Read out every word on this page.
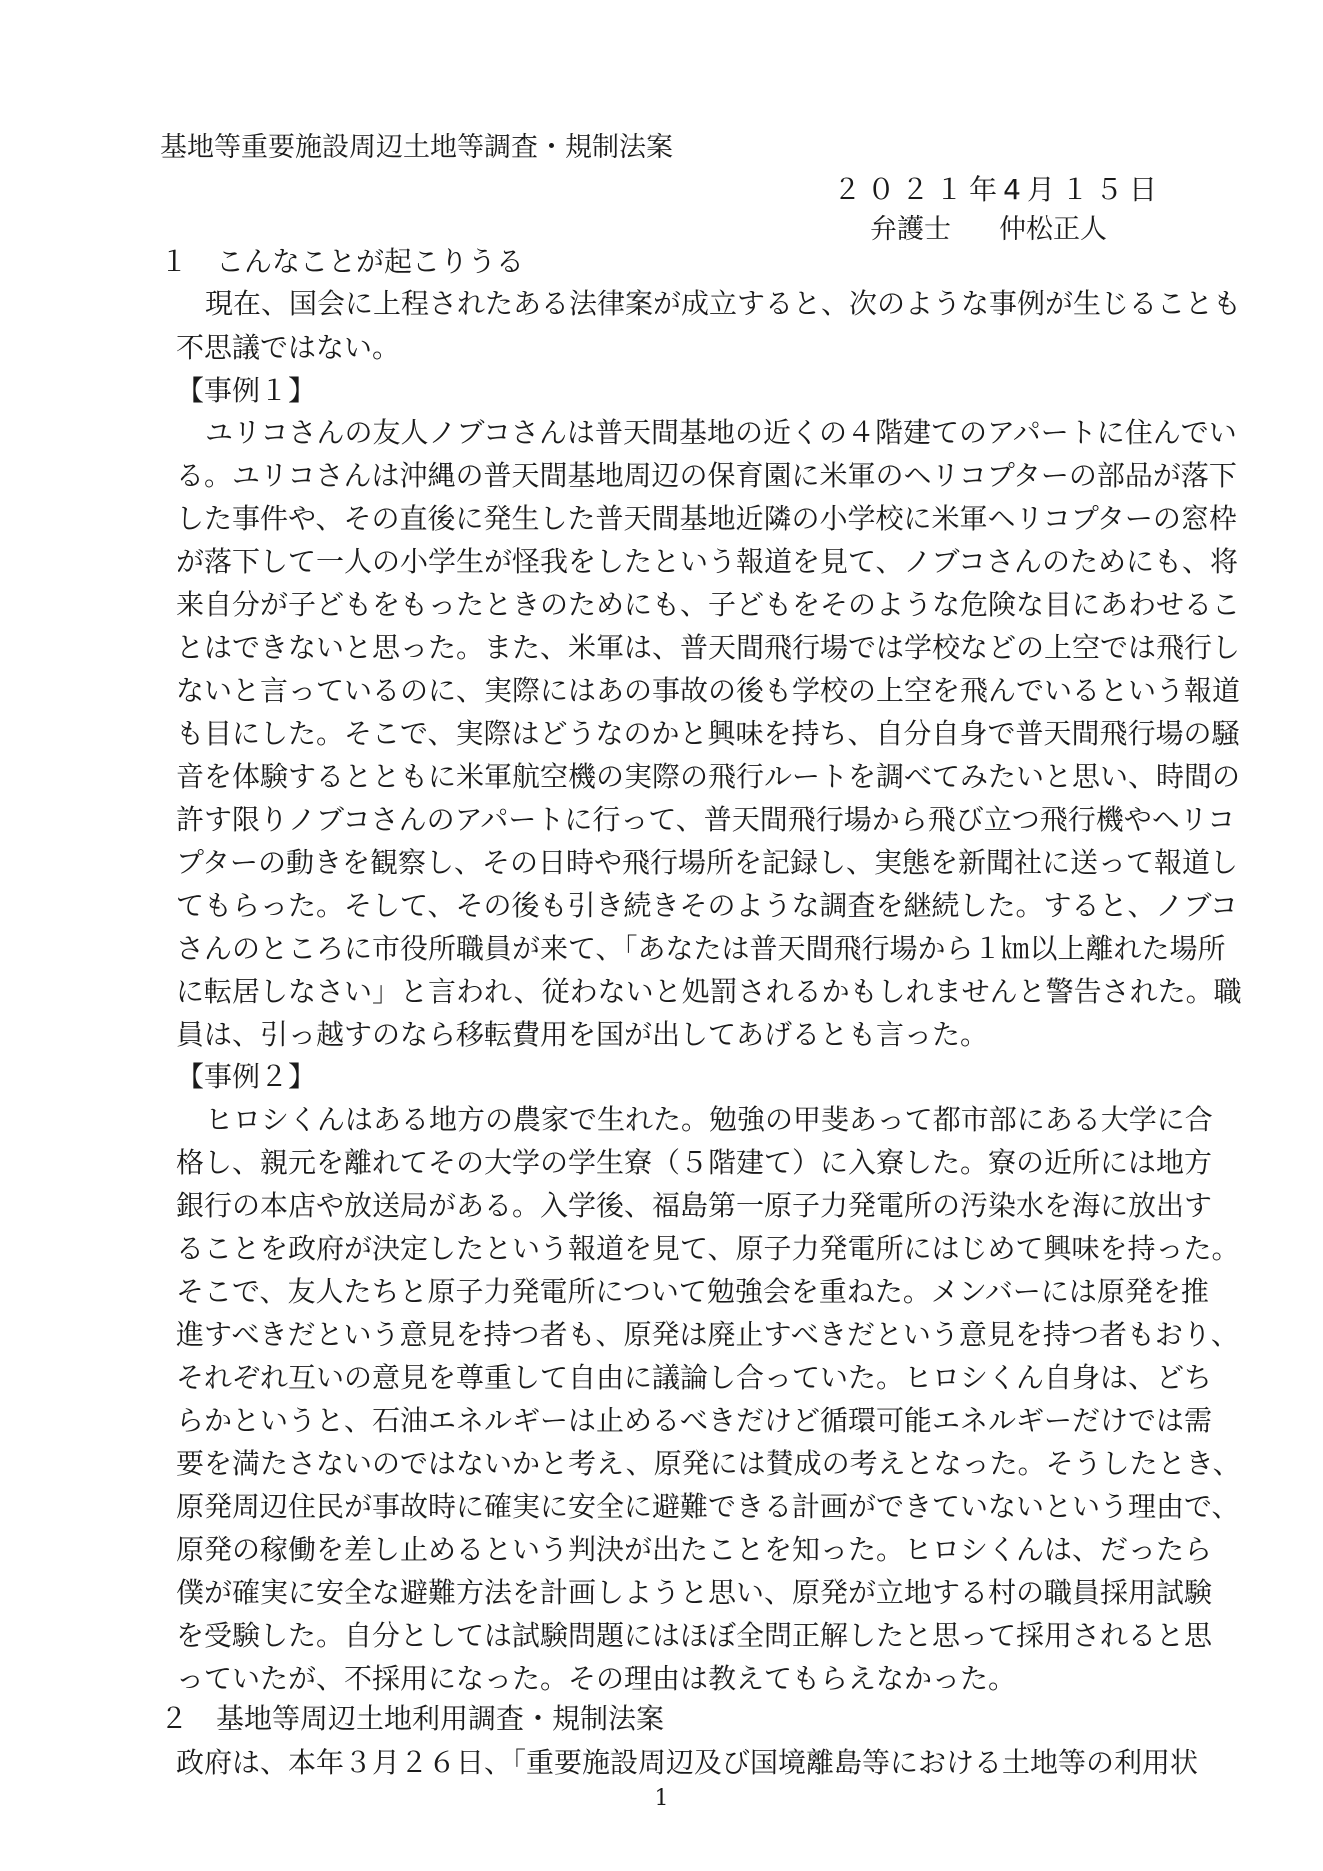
基地等重要施設周辺土地等調査・規制法案
２０２１年4月１５日
弁護士 仲松正人
１　こんなことが起こりうる
現在、国会に上程されたある法律案が成立すると、次のような事例が生じることも
不思議ではない。
【事例１】
ユリコさんの友人ノブコさんは普天間基地の近くの４階建てのアパートに住んでい
る。ユリコさんは沖縄の普天間基地周辺の保育園に米軍のヘリコプターの部品が落下
した事件や、その直後に発生した普天間基地近隣の小学校に米軍ヘリコプターの窓枠
が落下して一人の小学生が怪我をしたという報道を見て、ノブコさんのためにも、将
来自分が子どもをもったときのためにも、子どもをそのような危険な目にあわせるこ
とはできないと思った。また、米軍は、普天間飛行場では学校などの上空では飛行し
ないと言っているのに、実際にはあの事故の後も学校の上空を飛んでいるという報道
も目にした。そこで、実際はどうなのかと興味を持ち、自分自身で普天間飛行場の騒
音を体験するとともに米軍航空機の実際の飛行ルートを調べてみたいと思い、時間の
許す限りノブコさんのアパートに行って、普天間飛行場から飛び立つ飛行機やヘリコ
プターの動きを観察し、その日時や飛行場所を記録し、実態を新聞社に送って報道し
てもらった。そして、その後も引き続きそのような調査を継続した。すると、ノブコ
さんのところに市役所職員が来て、「あなたは普天間飛行場から１㎞以上離れた場所
に転居しなさい」と言われ、従わないと処罰されるかもしれませんと警告された。職
員は、引っ越すのなら移転費用を国が出してあげるとも言った。
【事例２】
ヒロシくんはある地方の農家で生れた。勉強の甲斐あって都市部にある大学に合
格し、親元を離れてその大学の学生寮（５階建て）に入寮した。寮の近所には地方
銀行の本店や放送局がある。入学後、福島第一原子力発電所の汚染水を海に放出す
ることを政府が決定したという報道を見て、原子力発電所にはじめて興味を持った。
そこで、友人たちと原子力発電所について勉強会を重ねた。メンバーには原発を推
進すべきだという意見を持つ者も、原発は廃止すべきだという意見を持つ者もおり、
それぞれ互いの意見を尊重して自由に議論し合っていた。ヒロシくん自身は、どち
らかというと、石油エネルギーは止めるべきだけど循環可能エネルギーだけでは需
要を満たさないのではないかと考え、原発には賛成の考えとなった。そうしたとき、
原発周辺住民が事故時に確実に安全に避難できる計画ができていないという理由で、
原発の稼働を差し止めるという判決が出たことを知った。ヒロシくんは、だったら
僕が確実に安全な避難方法を計画しようと思い、原発が立地する村の職員採用試験
を受験した。自分としては試験問題にはほぼ全問正解したと思って採用されると思
っていたが、不採用になった。その理由は教えてもらえなかった。
２　基地等周辺土地利用調査・規制法案
政府は、本年３月２６日、「重要施設周辺及び国境離島等における土地等の利用状
1
